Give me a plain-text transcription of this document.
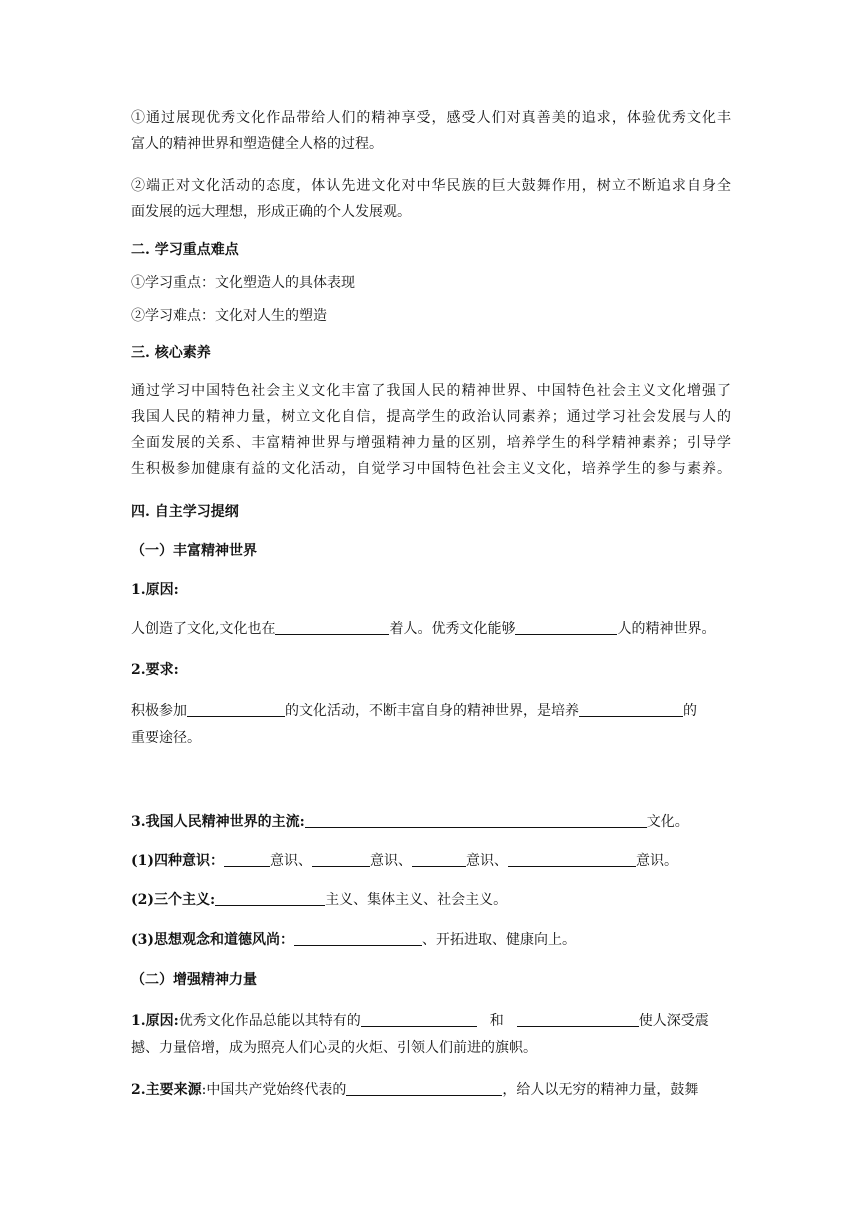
①通过展现优秀文化作品带给人们的精神享受，感受人们对真善美的追求，体验优秀文化丰
富人的精神世界和塑造健全人格的过程。
②端正对文化活动的态度，体认先进文化对中华民族的巨大鼓舞作用，树立不断追求自身全
面发展的远大理想，形成正确的个人发展观。
二. 学习重点难点
①学习重点：文化塑造人的具体表现
②学习难点：文化对人生的塑造
三. 核心素养
通过学习中国特色社会主义文化丰富了我国人民的精神世界、中国特色社会主义文化增强了
我国人民的精神力量，树立文化自信，提高学生的政治认同素养；通过学习社会发展与人的
全面发展的关系、丰富精神世界与增强精神力量的区别，培养学生的科学精神素养；引导学
生积极参加健康有益的文化活动，自觉学习中国特色社会主义文化，培养学生的参与素养。
四. 自主学习提纲
（一）丰富精神世界
1.原因:
人创造了文化,文化也在	着人。优秀文化能够	人的精神世界。
2.要求:
积极参加	的文化活动，不断丰富自身的精神世界，是培养	的
重要途径。
3.我国人民精神世界的主流:	文化。
(1)四种意识：	意识、	意识、	意识、	意识。
(2)三个主义:	主义、集体主义、社会主义。
(3)思想观念和道德风尚：	、开拓进取、健康向上。
（二）增强精神力量
1.原因:优秀文化作品总能以其特有的	和	使人深受震
撼、力量倍增，成为照亮人们心灵的火炬、引领人们前进的旗帜。
2.主要来源:中国共产党始终代表的	，给人以无穷的精神力量，鼓舞
